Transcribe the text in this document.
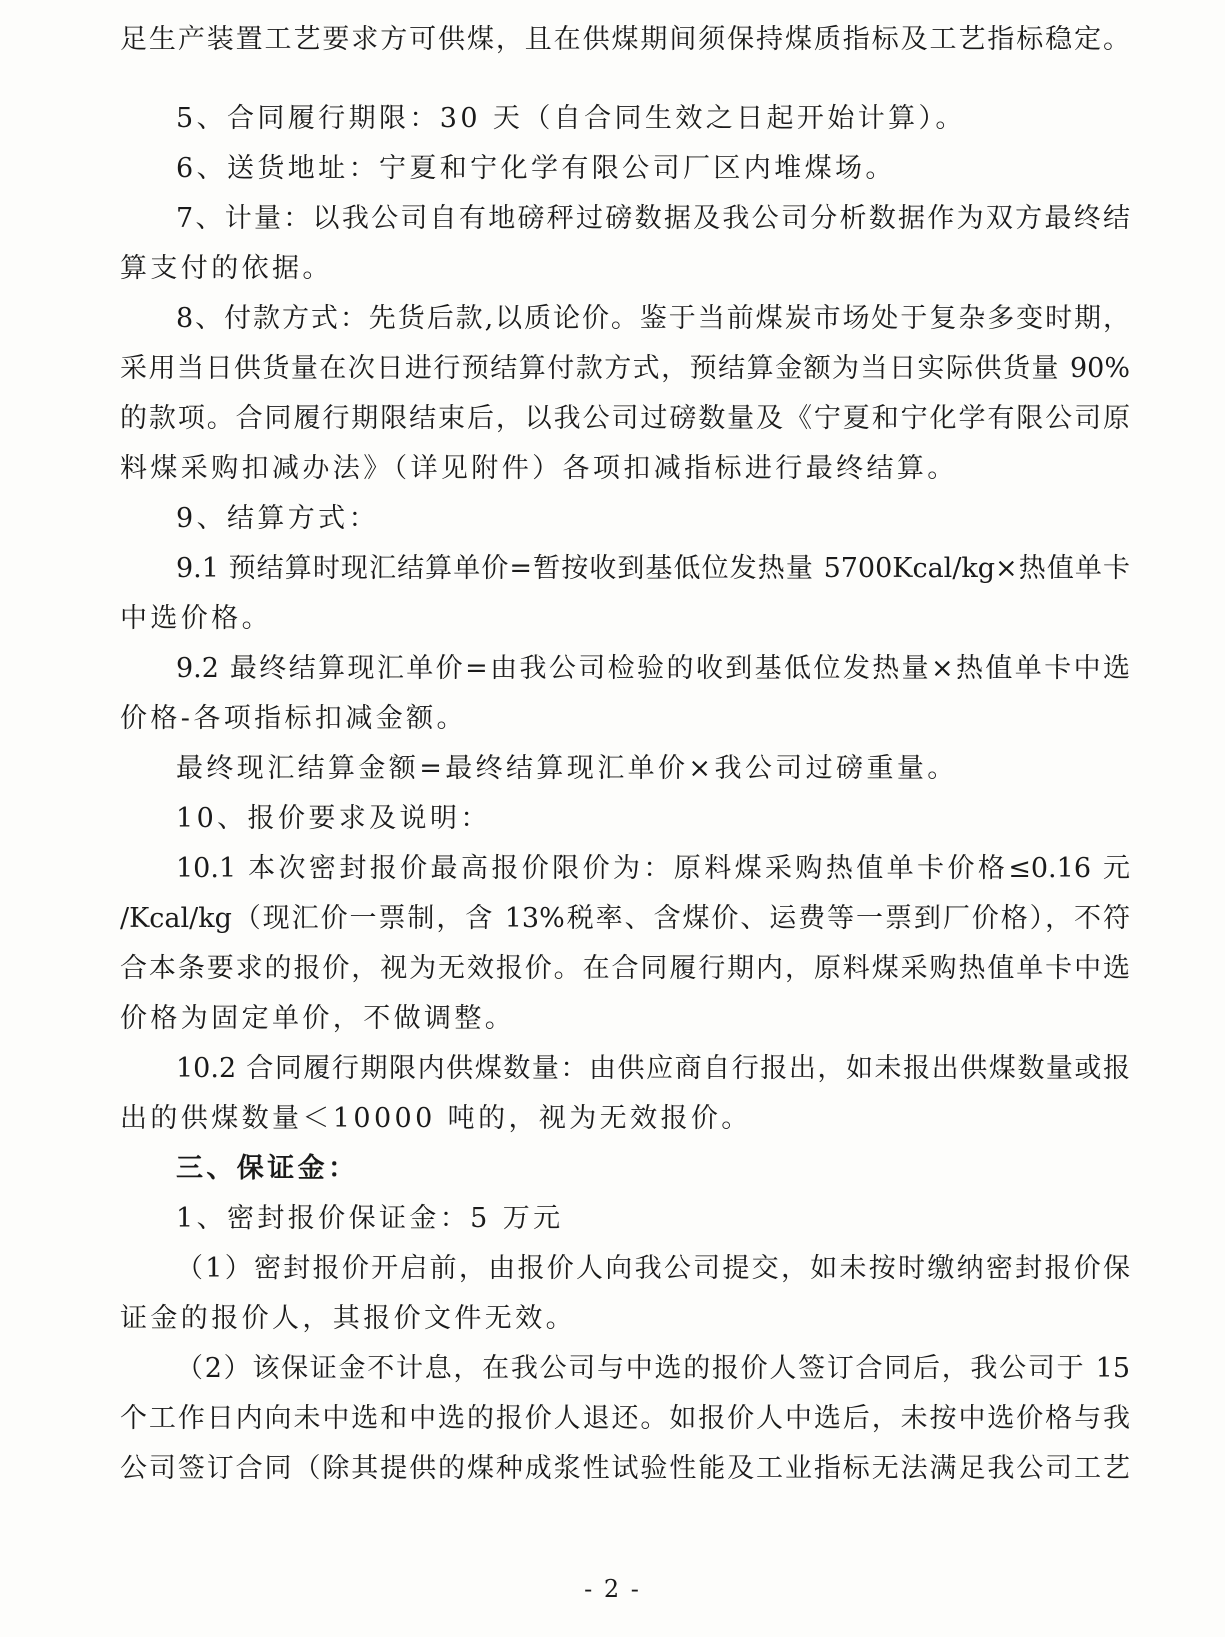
足生产装置工艺要求方可供煤，且在供煤期间须保持煤质指标及工艺指标稳定。
5、合同履行期限：30 天（自合同生效之日起开始计算）。
6、送货地址：宁夏和宁化学有限公司厂区内堆煤场。
7、计量：以我公司自有地磅秤过磅数据及我公司分析数据作为双方最终结
算支付的依据。
8、付款方式：先货后款,以质论价。鉴于当前煤炭市场处于复杂多变时期，
采用当日供货量在次日进行预结算付款方式，预结算金额为当日实际供货量 90%
的款项。合同履行期限结束后，以我公司过磅数量及《宁夏和宁化学有限公司原
料煤采购扣减办法》（详见附件）各项扣减指标进行最终结算。
9、结算方式：
9.1 预结算时现汇结算单价=暂按收到基低位发热量 5700Kcal/kg×热值单卡
中选价格。
9.2 最终结算现汇单价=由我公司检验的收到基低位发热量×热值单卡中选
价格-各项指标扣减金额。
最终现汇结算金额=最终结算现汇单价×我公司过磅重量。
10、报价要求及说明：
10.1 本次密封报价最高报价限价为：原料煤采购热值单卡价格≤0.16 元
/Kcal/kg（现汇价一票制，含 13%税率、含煤价、运费等一票到厂价格），不符
合本条要求的报价，视为无效报价。在合同履行期内，原料煤采购热值单卡中选
价格为固定单价，不做调整。
10.2 合同履行期限内供煤数量：由供应商自行报出，如未报出供煤数量或报
出的供煤数量＜10000 吨的，视为无效报价。
三、保证金：
1、密封报价保证金：5 万元
（1）密封报价开启前，由报价人向我公司提交，如未按时缴纳密封报价保
证金的报价人，其报价文件无效。
（2）该保证金不计息，在我公司与中选的报价人签订合同后，我公司于 15
个工作日内向未中选和中选的报价人退还。如报价人中选后，未按中选价格与我
公司签订合同（除其提供的煤种成浆性试验性能及工业指标无法满足我公司工艺
- 2 -
